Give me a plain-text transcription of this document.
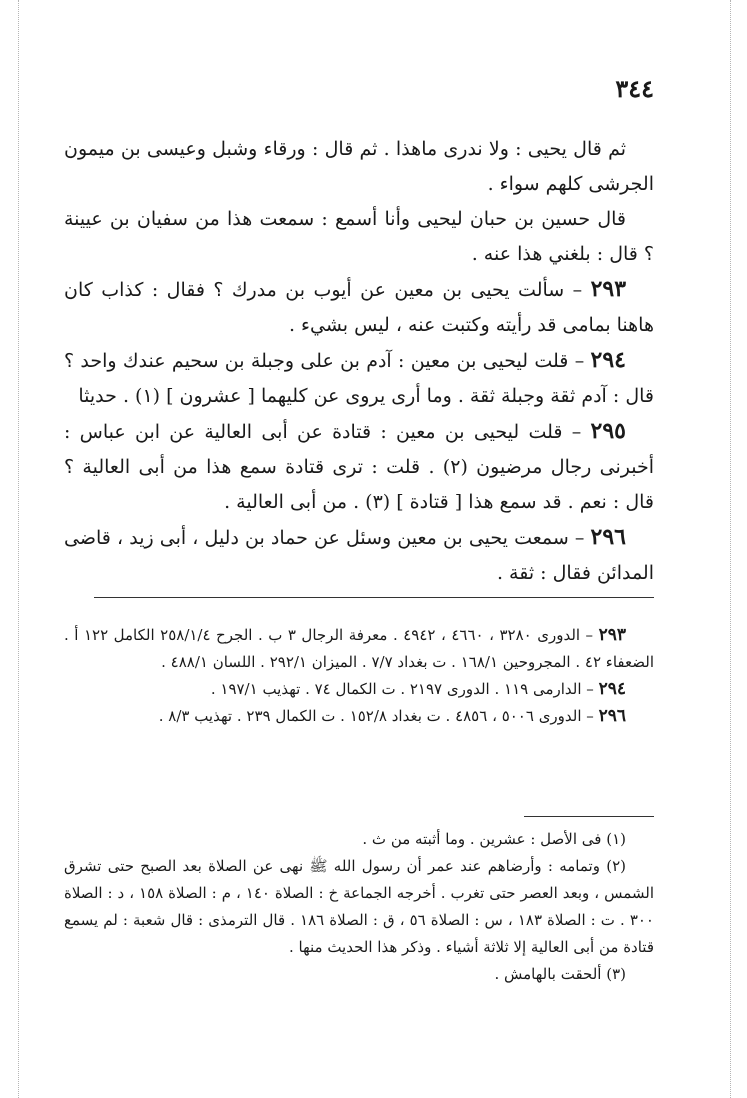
٣٤٤

ثم قال يحيى : ولا ندرى ماهذا . ثم قال : ورقاء وشبل وعيسى بن ميمون الجرشى كلهم سواء .

قال حسين بن حبان ليحيى وأنا أسمع : سمعت هذا من سفيان بن عيينة ؟ قال : بلغني هذا عنه .

٢٩٣ – سألت يحيى بن معين عن أيوب بن مدرك ؟ فقال : كذاب كان هاهنا بمامى قد رأيته وكتبت عنه ، ليس بشيء .

٢٩٤ – قلت ليحيى بن معين : آدم بن على وجبلة بن سحيم عندك واحد ؟ قال : آدم ثقة وجبلة ثقة . وما أرى يروى عن كليهما [ عشرون ] (١) . حديثا

٢٩٥ – قلت ليحيى بن معين : قتادة عن أبى العالية عن ابن عباس : أخبرنى رجال مرضيون (٢) . قلت : ترى قتادة سمع هذا من أبى العالية ؟ قال : نعم . قد سمع هذا [ قتادة ] (٣) . من أبى العالية .

٢٩٦ – سمعت يحيى بن معين وسئل عن حماد بن دليل ، أبى زيد ، قاضى المدائن فقال : ثقة .

٢٩٣ – الدورى ٣٢٨٠ ، ٤٦٦٠ ، ٤٩٤٢ . معرفة الرجال ٣ ب . الجرح ٢٥٨/١/٤ الكامل ١٢٢ أ . الضعفاء ٤٢ . المجروحين ١٦٨/١ . ت بغداد ٧/٧ . الميزان ٢٩٢/١ . اللسان ٤٨٨/١ .

٢٩٤ – الدارمى ١١٩ . الدورى ٢١٩٧ . ت الكمال ٧٤ . تهذيب ١٩٧/١ .

٢٩٦ – الدورى ٥٠٠٦ ، ٤٨٥٦ . ت بغداد ١٥٢/٨ . ت الكمال ٢٣٩ . تهذيب ٨/٣ .

(١) فى الأصل : عشرين . وما أثبته من ث .

(٢) وتمامه : وأرضاهم عند عمر أن رسول الله ﷺ نهى عن الصلاة بعد الصبح حتى تشرق الشمس ، وبعد العصر حتى تغرب . أخرجه الجماعة خ : الصلاة ١٤٠ ، م : الصلاة ١٥٨ ، د : الصلاة ٣٠٠ . ت : الصلاة ١٨٣ ، س : الصلاة ٥٦ ، ق : الصلاة ١٨٦ . قال الترمذى : قال شعبة : لم يسمع قتادة من أبى العالية إلا ثلاثة أشياء . وذكر هذا الحديث منها .

(٣) ألحقت بالهامش .
